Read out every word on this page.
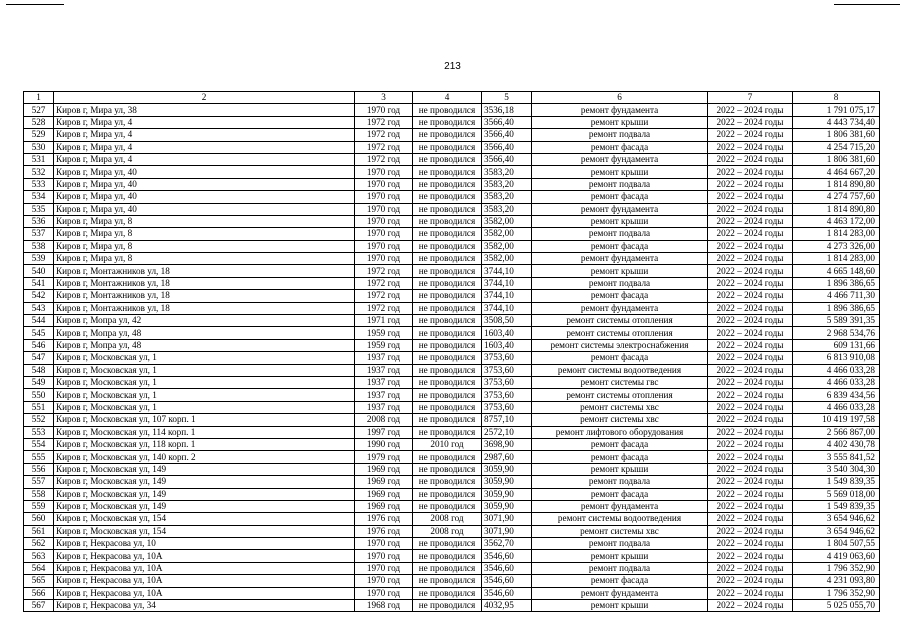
213
1	2	3	4	5	6	7	8
527	Киров г, Мира ул, 38	1970 год	не проводился	3536,18	ремонт фундамента	2022 – 2024 годы	1 791 075,17
528	Киров г, Мира ул, 4	1972 год	не проводился	3566,40	ремонт крыши	2022 – 2024 годы	4 443 734,40
529	Киров г, Мира ул, 4	1972 год	не проводился	3566,40	ремонт подвала	2022 – 2024 годы	1 806 381,60
530	Киров г, Мира ул, 4	1972 год	не проводился	3566,40	ремонт фасада	2022 – 2024 годы	4 254 715,20
531	Киров г, Мира ул, 4	1972 год	не проводился	3566,40	ремонт фундамента	2022 – 2024 годы	1 806 381,60
532	Киров г, Мира ул, 40	1970 год	не проводился	3583,20	ремонт крыши	2022 – 2024 годы	4 464 667,20
533	Киров г, Мира ул, 40	1970 год	не проводился	3583,20	ремонт подвала	2022 – 2024 годы	1 814 890,80
534	Киров г, Мира ул, 40	1970 год	не проводился	3583,20	ремонт фасада	2022 – 2024 годы	4 274 757,60
535	Киров г, Мира ул, 40	1970 год	не проводился	3583,20	ремонт фундамента	2022 – 2024 годы	1 814 890,80
536	Киров г, Мира ул, 8	1970 год	не проводился	3582,00	ремонт крыши	2022 – 2024 годы	4 463 172,00
537	Киров г, Мира ул, 8	1970 год	не проводился	3582,00	ремонт подвала	2022 – 2024 годы	1 814 283,00
538	Киров г, Мира ул, 8	1970 год	не проводился	3582,00	ремонт фасада	2022 – 2024 годы	4 273 326,00
539	Киров г, Мира ул, 8	1970 год	не проводился	3582,00	ремонт фундамента	2022 – 2024 годы	1 814 283,00
540	Киров г, Монтажников ул, 18	1972 год	не проводился	3744,10	ремонт крыши	2022 – 2024 годы	4 665 148,60
541	Киров г, Монтажников ул, 18	1972 год	не проводился	3744,10	ремонт подвала	2022 – 2024 годы	1 896 386,65
542	Киров г, Монтажников ул, 18	1972 год	не проводился	3744,10	ремонт фасада	2022 – 2024 годы	4 466 711,30
543	Киров г, Монтажников ул, 18	1972 год	не проводился	3744,10	ремонт фундамента	2022 – 2024 годы	1 896 386,65
544	Киров г, Мопра ул, 42	1971 год	не проводился	3508,50	ремонт системы отопления	2022 – 2024 годы	5 589 391,35
545	Киров г, Мопра ул, 48	1959 год	не проводился	1603,40	ремонт системы отопления	2022 – 2024 годы	2 968 534,76
546	Киров г, Мопра ул, 48	1959 год	не проводился	1603,40	ремонт системы электроснабжения	2022 – 2024 годы	609 131,66
547	Киров г, Московская ул, 1	1937 год	не проводился	3753,60	ремонт фасада	2022 – 2024 годы	6 813 910,08
548	Киров г, Московская ул, 1	1937 год	не проводился	3753,60	ремонт системы водоотведения	2022 – 2024 годы	4 466 033,28
549	Киров г, Московская ул, 1	1937 год	не проводился	3753,60	ремонт системы гвс	2022 – 2024 годы	4 466 033,28
550	Киров г, Московская ул, 1	1937 год	не проводился	3753,60	ремонт системы отопления	2022 – 2024 годы	6 839 434,56
551	Киров г, Московская ул, 1	1937 год	не проводился	3753,60	ремонт системы хвс	2022 – 2024 годы	4 466 033,28
552	Киров г, Московская ул, 107 корп. 1	2008 год	не проводился	8757,10	ремонт системы хвс	2022 – 2024 годы	10 419 197,58
553	Киров г, Московская ул, 114 корп. 1	1997 год	не проводился	2572,10	ремонт лифтового оборудования	2022 – 2024 годы	2 566 867,00
554	Киров г, Московская ул, 118 корп. 1	1990 год	2010 год	3698,90	ремонт фасада	2022 – 2024 годы	4 402 430,78
555	Киров г, Московская ул, 140 корп. 2	1979 год	не проводился	2987,60	ремонт фасада	2022 – 2024 годы	3 555 841,52
556	Киров г, Московская ул, 149	1969 год	не проводился	3059,90	ремонт крыши	2022 – 2024 годы	3 540 304,30
557	Киров г, Московская ул, 149	1969 год	не проводился	3059,90	ремонт подвала	2022 – 2024 годы	1 549 839,35
558	Киров г, Московская ул, 149	1969 год	не проводился	3059,90	ремонт фасада	2022 – 2024 годы	5 569 018,00
559	Киров г, Московская ул, 149	1969 год	не проводился	3059,90	ремонт фундамента	2022 – 2024 годы	1 549 839,35
560	Киров г, Московская ул, 154	1976 год	2008 год	3071,90	ремонт системы водоотведения	2022 – 2024 годы	3 654 946,62
561	Киров г, Московская ул, 154	1976 год	2008 год	3071,90	ремонт системы хвс	2022 – 2024 годы	3 654 946,62
562	Киров г, Некрасова ул, 10	1970 год	не проводился	3562,70	ремонт подвала	2022 – 2024 годы	1 804 507,55
563	Киров г, Некрасова ул, 10А	1970 год	не проводился	3546,60	ремонт крыши	2022 – 2024 годы	4 419 063,60
564	Киров г, Некрасова ул, 10А	1970 год	не проводился	3546,60	ремонт подвала	2022 – 2024 годы	1 796 352,90
565	Киров г, Некрасова ул, 10А	1970 год	не проводился	3546,60	ремонт фасада	2022 – 2024 годы	4 231 093,80
566	Киров г, Некрасова ул, 10А	1970 год	не проводился	3546,60	ремонт фундамента	2022 – 2024 годы	1 796 352,90
567	Киров г, Некрасова ул, 34	1968 год	не проводился	4032,95	ремонт крыши	2022 – 2024 годы	5 025 055,70
